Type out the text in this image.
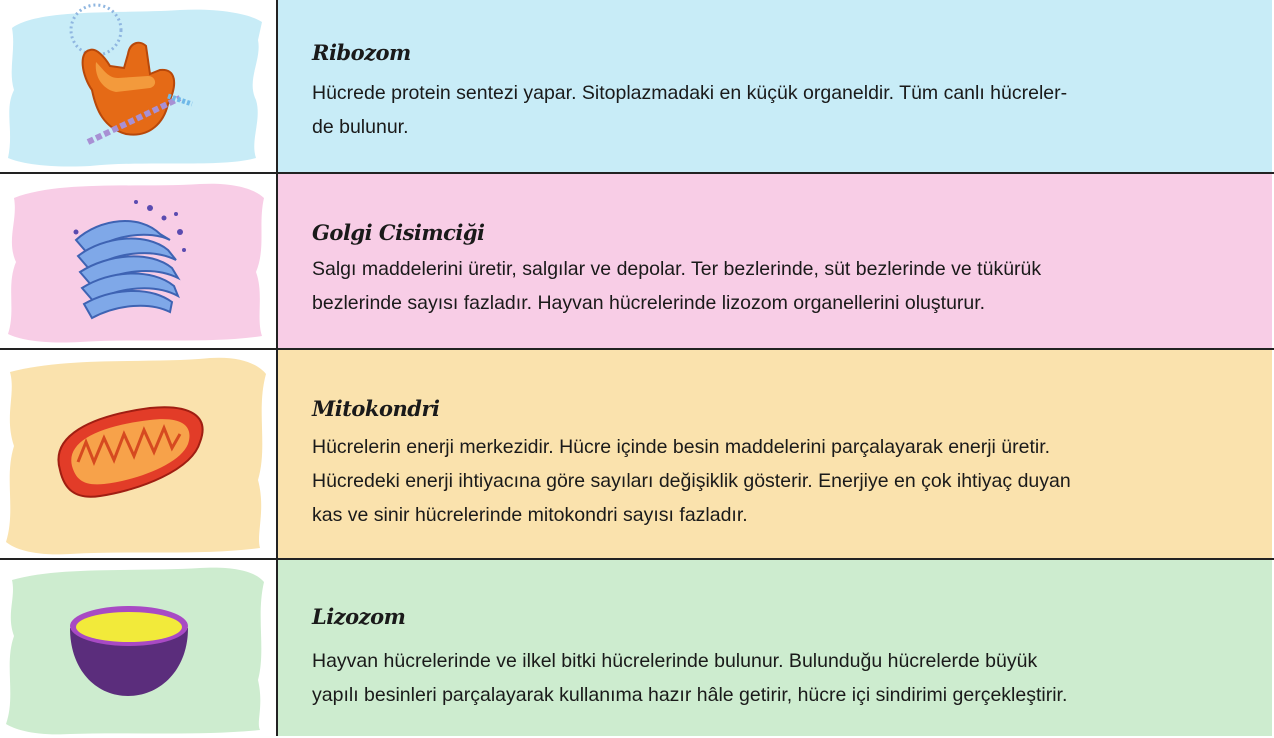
Ribozom
Hücrede protein sentezi yapar. Sitoplazmadaki en küçük organeldir. Tüm canlı hücreler-
de bulunur.
Golgi Cisimciği
Salgı maddelerini üretir, salgılar ve depolar. Ter bezlerinde, süt bezlerinde ve tükürük
bezlerinde sayısı fazladır. Hayvan hücrelerinde lizozom organellerini oluşturur.
Mitokondri
Hücrelerin enerji merkezidir. Hücre içinde besin maddelerini parçalayarak enerji üretir.
Hücredeki enerji ihtiyacına göre sayıları değişiklik gösterir. Enerjiye en çok ihtiyaç duyan
kas ve sinir hücrelerinde mitokondri sayısı fazladır.
Lizozom
Hayvan hücrelerinde ve ilkel bitki hücrelerinde bulunur. Bulunduğu hücrelerde büyük
yapılı besinleri parçalayarak kullanıma hazır hâle getirir, hücre içi sindirimi gerçekleştirir.
